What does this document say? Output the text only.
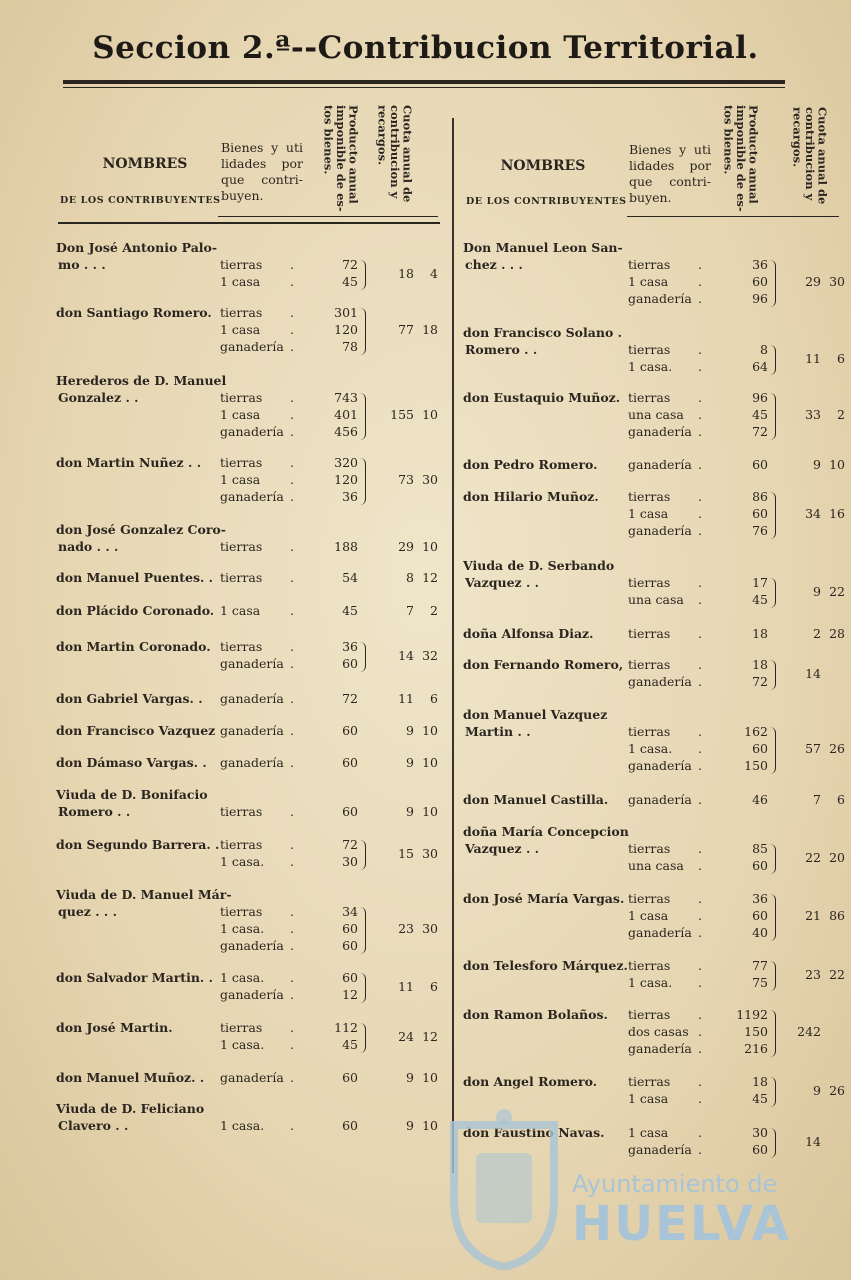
Seccion 2.ª--Contribucion Territorial.
NOMBRES
DE LOS CONTRIBUYENTES
Bienes y uti lidades por que contri- buyen.	Producto anual imponible de es- tos bienes.	Cuota anual de contribucion y recargos.
NOMBRES
DE LOS CONTRIBUYENTES
Bienes y uti lidades por que contri- buyen.	Producto anual imponible de es- tos bienes.	Cuota anual de contribucion y recargos.
Don José Antonio Palo-
mo . . .	tierras .	72
1 casa .	45
18 4
don Santiago Romero. tierras .	301
1 casa .	120
ganadería .	78
77 18
Herederos de D. Manuel
Gonzalez . .	tierras .	743
1 casa .	401
ganadería .	456
155 10
don Martin Nuñez . . tierras .	320
1 casa .	120
ganadería .	36
73 30
don José Gonzalez Coro-
nado . . .	tierras .	188	29 10
don Manuel Puentes. . tierras .	54	8 12
don Plácido Coronado. 1 casa .	45	7 2
don Martin Coronado. tierras .	36
ganadería .	60
14 32
don Gabriel Vargas. . ganadería .	72	11 6
don Francisco Vazquez ganadería .	60	9 10
don Dámaso Vargas. . ganadería .	60	9 10
Viuda de D. Bonifacio
Romero . .	tierras .	60	9 10
don Segundo Barrera. . tierras .	72
1 casa. .	30
15 30
Viuda de D. Manuel Már-
quez . . .	tierras .	34
1 casa. .	60
ganadería .	60
23 30
don Salvador Martin. . 1 casa. .	60
ganadería .	12
11 6
don José Martin.	tierras .	112
1 casa. .	45
24 12
don Manuel Muñoz. . ganadería .	60	9 10
Viuda de D. Feliciano
Clavero . .	1 casa. .	60	9 10
Don Manuel Leon San-
chez . . .	tierras .	36
1 casa .	60
ganadería .	96
29 30
don Francisco Solano .
Romero . .	tierras .	8
1 casa. .	64
11 6
don Eustaquio Muñoz. tierras .	96
una casa .	45
ganadería .	72
33 2
don Pedro Romero. ganadería .	60	9 10
don Hilario Muñoz. tierras .	86
1 casa .	60
ganadería .	76
34 16
Viuda de D. Serbando
Vazquez . .	tierras .	17
una casa .	45
9 22
doña Alfonsa Diaz.	tierras .	18	2 28
don Fernando Romero, tierras .	18
ganadería .	72
14
don Manuel Vazquez
Martin . .	tierras .	162
1 casa. .	60
ganadería .	150
57 26
don Manuel Castilla. ganadería .	46	7 6
doña María Concepcion
Vazquez . .	tierras .	85
una casa .	60
22 20
don José María Vargas. tierras .	36
1 casa .	60
ganadería .	40
21 86
don Telesforo Márquez. tierras .	77
1 casa. .	75
23 22
don Ramon Bolaños. tierras .	1192
dos casas .	150
ganadería .	216
242
don Angel Romero. tierras .	18
1 casa .	45
9 26
don Faustino Navas. 1 casa .	30
ganadería .	60
14
Ayuntamiento de
HUELVA
